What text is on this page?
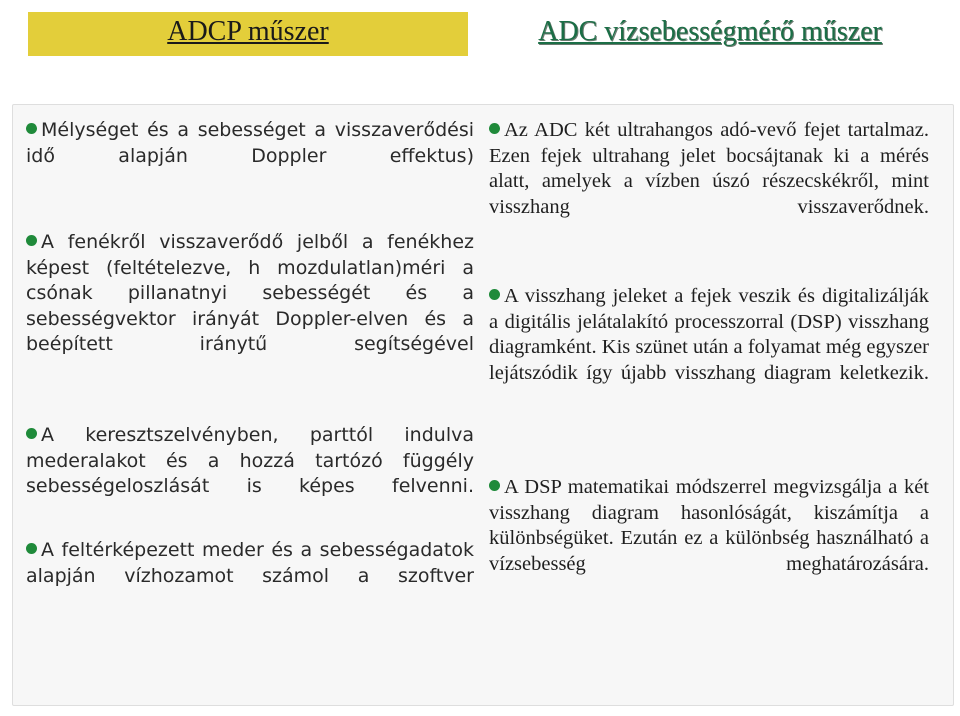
ADCP műszer	ADC vízsebességmérő műszer

Mélységet és a sebességet a visszaverődési idő alapján Doppler effektus)

A fenékről visszaverődő jelből a fenékhez képest (feltételezve, h mozdulatlan)méri a csónak pillanatnyi sebességét és a sebességvektor irányát Doppler-elven és a beépített iránytű segítségével

A keresztszelvényben, parttól indulva mederalakot és a hozzá tartózó függély sebességeloszlását is képes felvenni.

A feltérképezett meder és a sebességadatok alapján vízhozamot számol a szoftver

Az ADC két ultrahangos adó-vevő fejet tartalmaz. Ezen fejek ultrahang jelet bocsájtanak ki a mérés alatt, amelyek a vízben úszó részecskékről, mint visszhang visszaverődnek.

A visszhang jeleket a fejek veszik és digitalizálják a digitális jelátalakító processzorral (DSP) visszhang diagramként. Kis szünet után a folyamat még egyszer lejátszódik így újabb visszhang diagram keletkezik.

A DSP matematikai módszerrel megvizsgálja a két visszhang diagram hasonlóságát, kiszámítja a különbségüket. Ezután ez a különbség használható a vízsebesség meghatározására.
